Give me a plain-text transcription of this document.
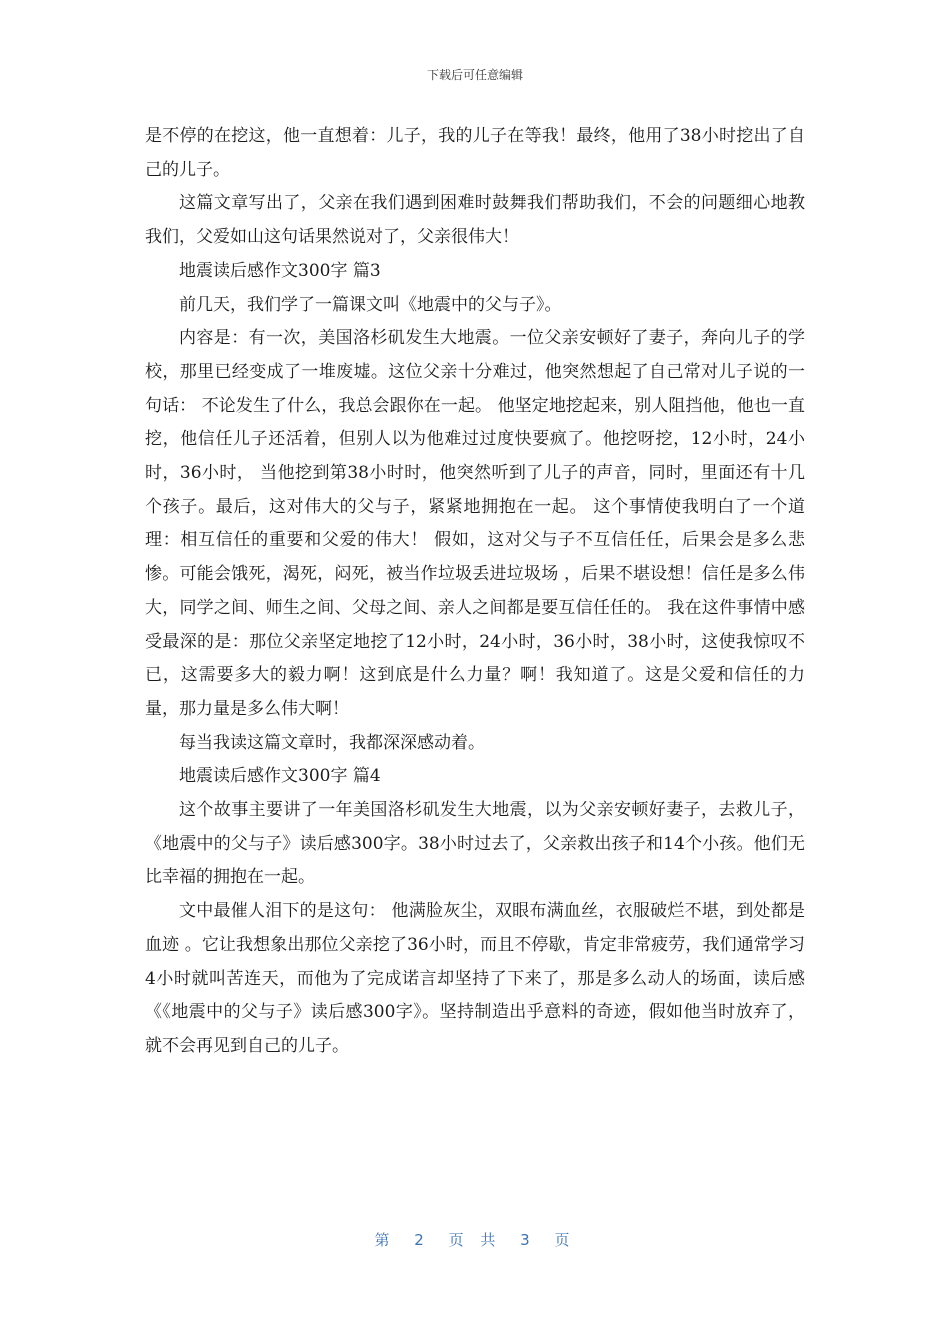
下载后可任意编辑

是不停的在挖这，他一直想着：儿子，我的儿子在等我！最终，他用了38小时挖出了自己的儿子。

这篇文章写出了，父亲在我们遇到困难时鼓舞我们帮助我们，不会的问题细心地教我们，父爱如山这句话果然说对了，父亲很伟大！

地震读后感作文300字 篇3

前几天，我们学了一篇课文叫《地震中的父与子》。

内容是：有一次，美国洛杉矶发生大地震。一位父亲安顿好了妻子，奔向儿子的学校，那里已经变成了一堆废墟。这位父亲十分难过，他突然想起了自己常对儿子说的一句话： 不论发生了什么，我总会跟你在一起。 他坚定地挖起来，别人阻挡他，他也一直挖，他信任儿子还活着，但别人以为他难过过度快要疯了。他挖呀挖，12小时，24小时，36小时， 当他挖到第38小时时，他突然听到了儿子的声音，同时，里面还有十几个孩子。最后，这对伟大的父与子，紧紧地拥抱在一起。 这个事情使我明白了一个道理：相互信任的重要和父爱的伟大！ 假如，这对父与子不互信任任，后果会是多么悲惨。可能会饿死，渴死，闷死，被当作垃圾丢进垃圾场 ，后果不堪设想！信任是多么伟大，同学之间、师生之间、父母之间、亲人之间都是要互信任任的。 我在这件事情中感受最深的是：那位父亲坚定地挖了12小时，24小时，36小时，38小时，这使我惊叹不已，这需要多大的毅力啊！这到底是什么力量？啊！我知道了。这是父爱和信任的力量，那力量是多么伟大啊！

每当我读这篇文章时，我都深深感动着。

地震读后感作文300字 篇4

这个故事主要讲了一年美国洛杉矶发生大地震，以为父亲安顿好妻子，去救儿子，《地震中的父与子》读后感300字。38小时过去了，父亲救出孩子和14个小孩。他们无比幸福的拥抱在一起。

文中最催人泪下的是这句： 他满脸灰尘，双眼布满血丝，衣服破烂不堪，到处都是血迹 。它让我想象出那位父亲挖了36小时，而且不停歇，肯定非常疲劳，我们通常学习4小时就叫苦连天，而他为了完成诺言却坚持了下来了，那是多么动人的场面，读后感《《地震中的父与子》读后感300字》。坚持制造出乎意料的奇迹，假如他当时放弃了，就不会再见到自己的儿子。

第 2 页 共 3 页
